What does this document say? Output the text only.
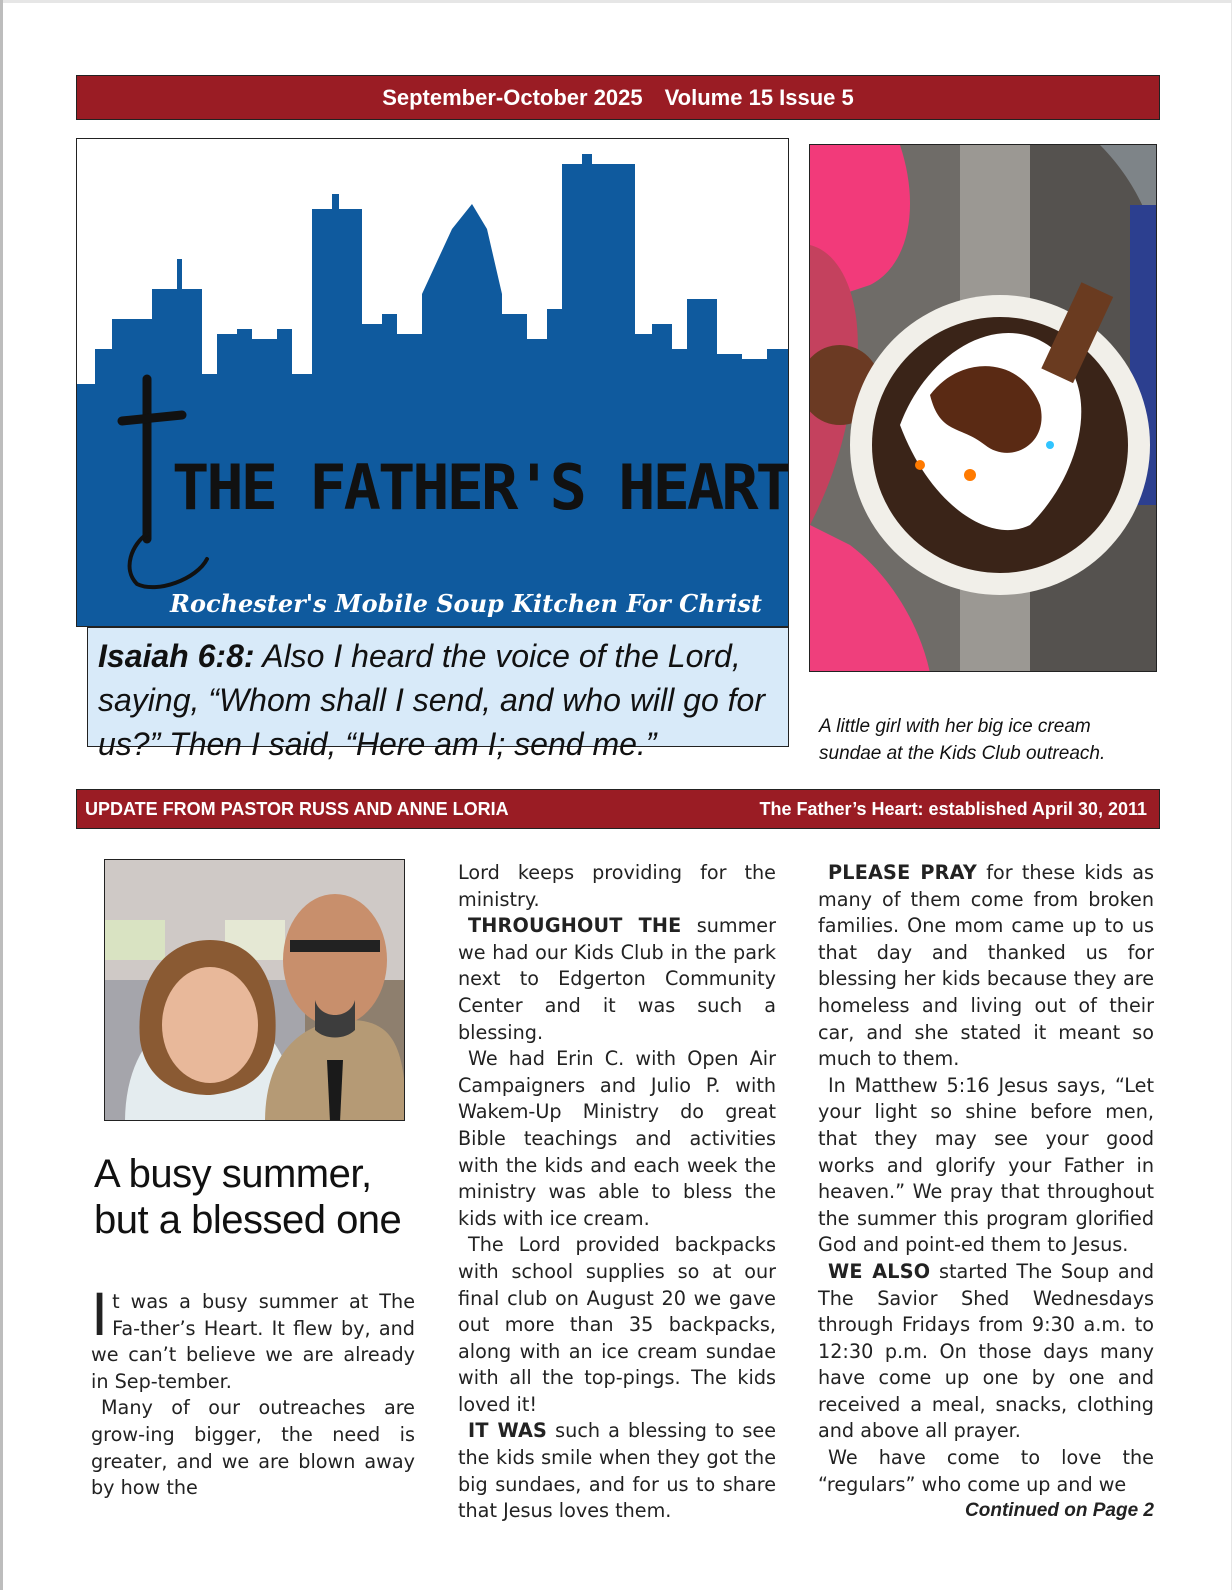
September-October 2025 Volume 15 Issue 5
THE FATHER'S HEART
Rochester's Mobile Soup Kitchen For Christ
Isaiah 6:8: Also I heard the voice of the Lord, saying, “Whom shall I send, and who will go for us?” Then I said, “Here am I; send me.”	A little girl with her big ice cream sundae at the Kids Club outreach.
UPDATE FROM PASTOR RUSS AND ANNE LORIA	The Father’s Heart: established April 30, 2011
A busy summer, but a blessed one

It was a busy summer at The Fa-ther’s Heart. It flew by, and we can’t believe we are already in Sep-tember.

Many of our outreaches are grow-ing bigger, the need is greater, and we are blown away by how the

Lord keeps providing for the ministry.

THROUGHOUT THE summer we had our Kids Club in the park next to Edgerton Community Center and it was such a blessing.

We had Erin C. with Open Air Campaigners and Julio P. with Wakem-Up Ministry do great Bible teachings and activities with the kids and each week the ministry was able to bless the kids with ice cream.

The Lord provided backpacks with school supplies so at our final club on August 20 we gave out more than 35 backpacks, along with an ice cream sundae with all the top-pings. The kids loved it!

IT WAS such a blessing to see the kids smile when they got the big sundaes, and for us to share that Jesus loves them.

PLEASE PRAY for these kids as many of them come from broken families. One mom came up to us that day and thanked us for blessing her kids because they are homeless and living out of their car, and she stated it meant so much to them.

In Matthew 5:16 Jesus says, “Let your light so shine before men, that they may see your good works and glorify your Father in heaven.” We pray that throughout the summer this program glorified God and point-ed them to Jesus.

WE ALSO started The Soup and The Savior Shed Wednesdays through Fridays from 9:30 a.m. to 12:30 p.m. On those days many have come up one by one and received a meal, snacks, clothing and above all prayer.

We have come to love the “regulars” who come up and we

Continued on Page 2
